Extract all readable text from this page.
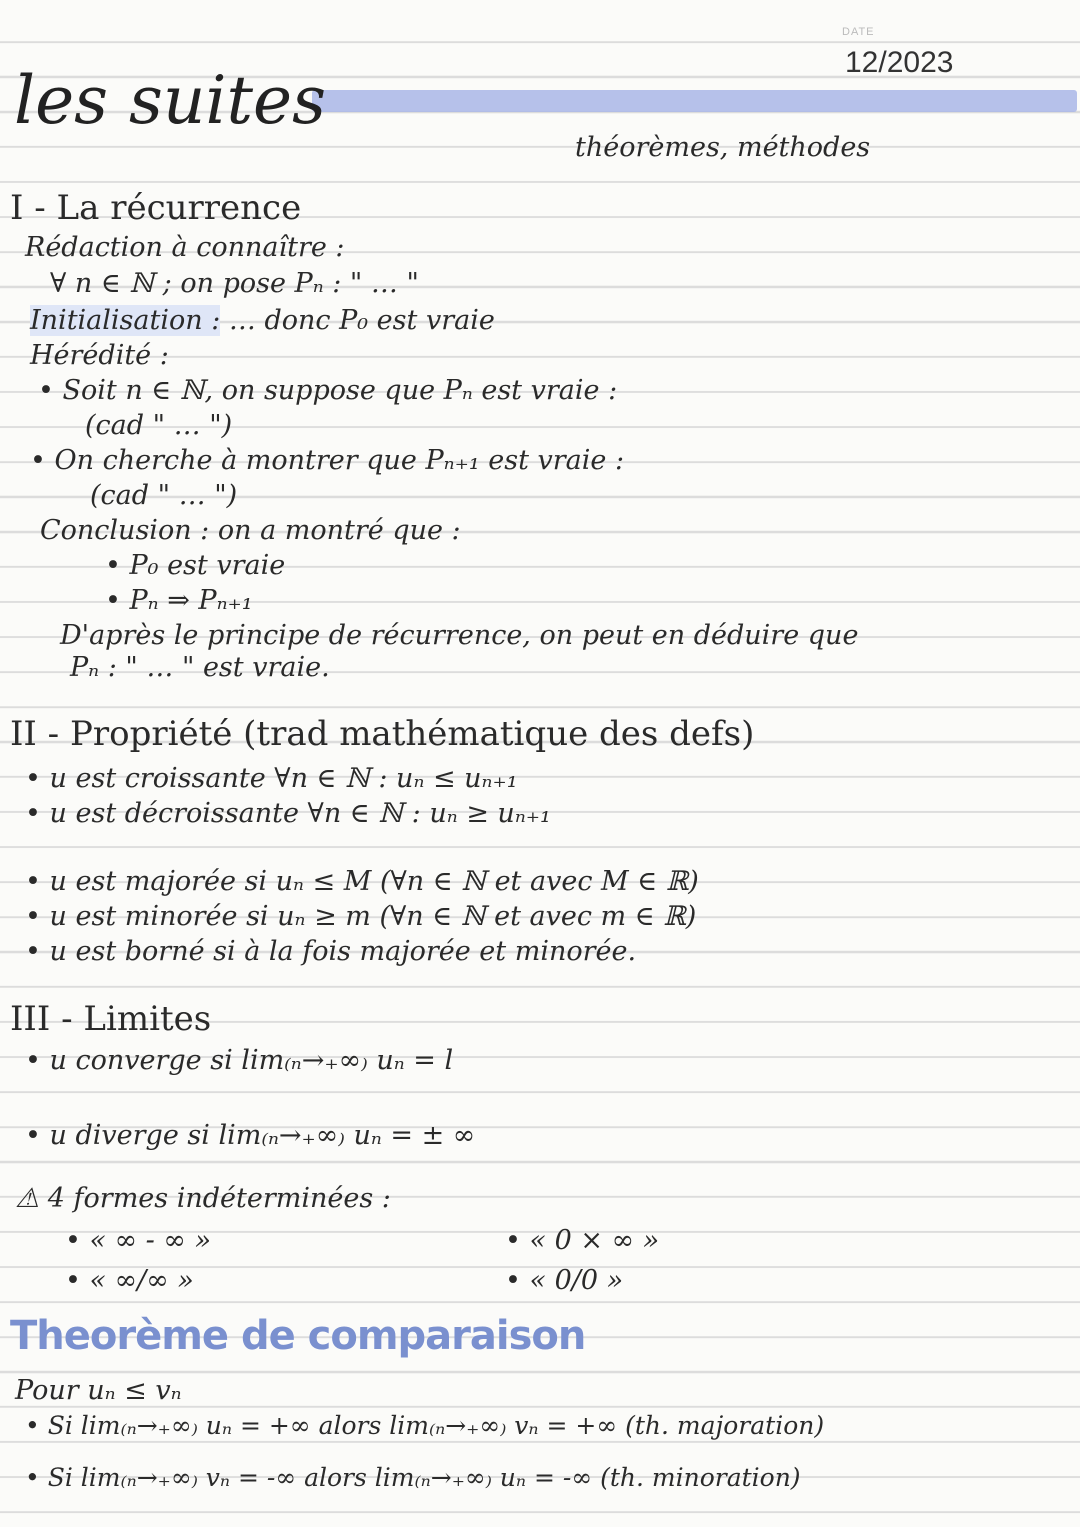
les suites
DATE
12/2023
théorèmes, méthodes
I - La récurrence
Rédaction à connaître :
∀ n ∈ ℕ ; on pose Pₙ : " … "
Initialisation : … donc P₀ est vraie
Hérédité :
• Soit n ∈ ℕ, on suppose que Pₙ est vraie :
(cad " … ")
• On cherche à montrer que Pₙ₊₁ est vraie :
(cad " … ")
Conclusion : on a montré que :
• P₀ est vraie
• Pₙ ⇒ Pₙ₊₁
D'après le principe de récurrence, on peut en déduire que
Pₙ : " … " est vraie.
II - Propriété (trad mathématique des defs)
• u est croissante ∀n ∈ ℕ : uₙ ≤ uₙ₊₁
• u est décroissante ∀n ∈ ℕ : uₙ ≥ uₙ₊₁
• u est majorée si uₙ ≤ M (∀n ∈ ℕ et avec M ∈ ℝ)
• u est minorée si uₙ ≥ m (∀n ∈ ℕ et avec m ∈ ℝ)
• u est borné si à la fois majorée et minorée.
III - Limites
• u converge si lim₍ₙ→₊∞₎ uₙ = l
• u diverge si lim₍ₙ→₊∞₎ uₙ = ± ∞
⚠ 4 formes indéterminées :
• « ∞ - ∞ »	• « 0 × ∞ »
• « ∞/∞ »	• « 0/0 »
Theorème de comparaison
Pour uₙ ≤ vₙ
• Si lim₍ₙ→₊∞₎ uₙ = +∞ alors lim₍ₙ→₊∞₎ vₙ = +∞ (th. majoration)
• Si lim₍ₙ→₊∞₎ vₙ = -∞ alors lim₍ₙ→₊∞₎ uₙ = -∞ (th. minoration)
